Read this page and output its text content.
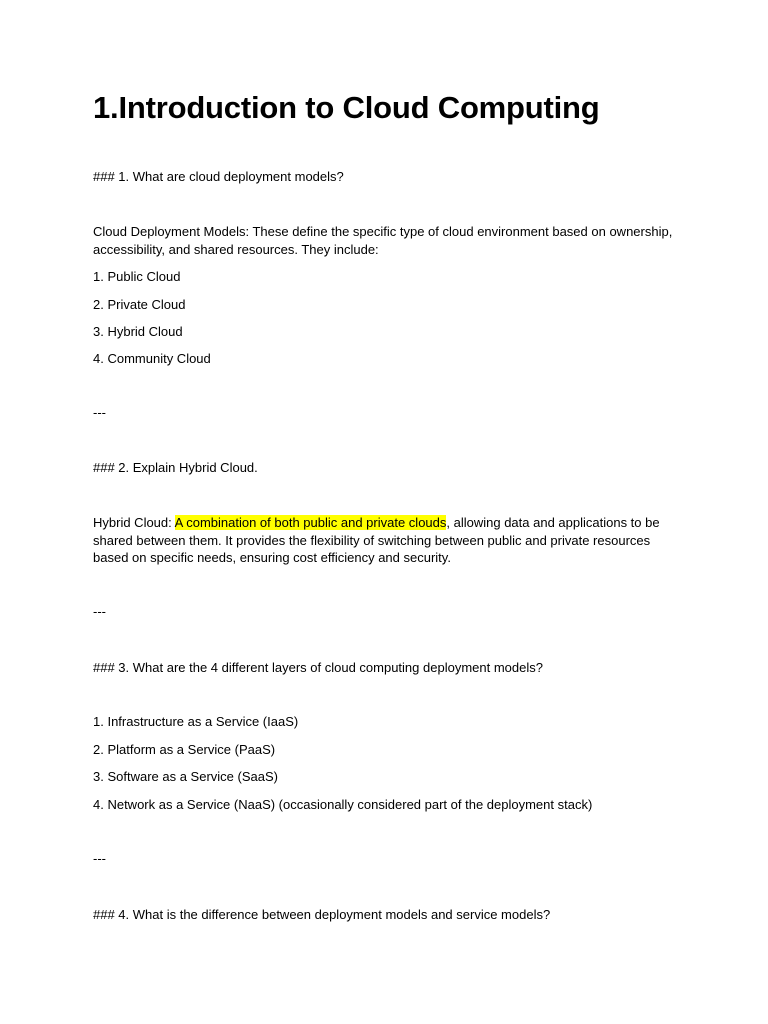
1.Introduction to Cloud Computing

### 1. What are cloud deployment models?

Cloud Deployment Models: These define the specific type of cloud environment based on ownership, accessibility, and shared resources. They include:

1. Public Cloud

2. Private Cloud

3. Hybrid Cloud

4. Community Cloud

---

### 2. Explain Hybrid Cloud.

Hybrid Cloud: A combination of both public and private clouds, allowing data and applications to be shared between them. It provides the flexibility of switching between public and private resources based on specific needs, ensuring cost efficiency and security.

---

### 3. What are the 4 different layers of cloud computing deployment models?

1. Infrastructure as a Service (IaaS)

2. Platform as a Service (PaaS)

3. Software as a Service (SaaS)

4. Network as a Service (NaaS) (occasionally considered part of the deployment stack)

---

### 4. What is the difference between deployment models and service models?
